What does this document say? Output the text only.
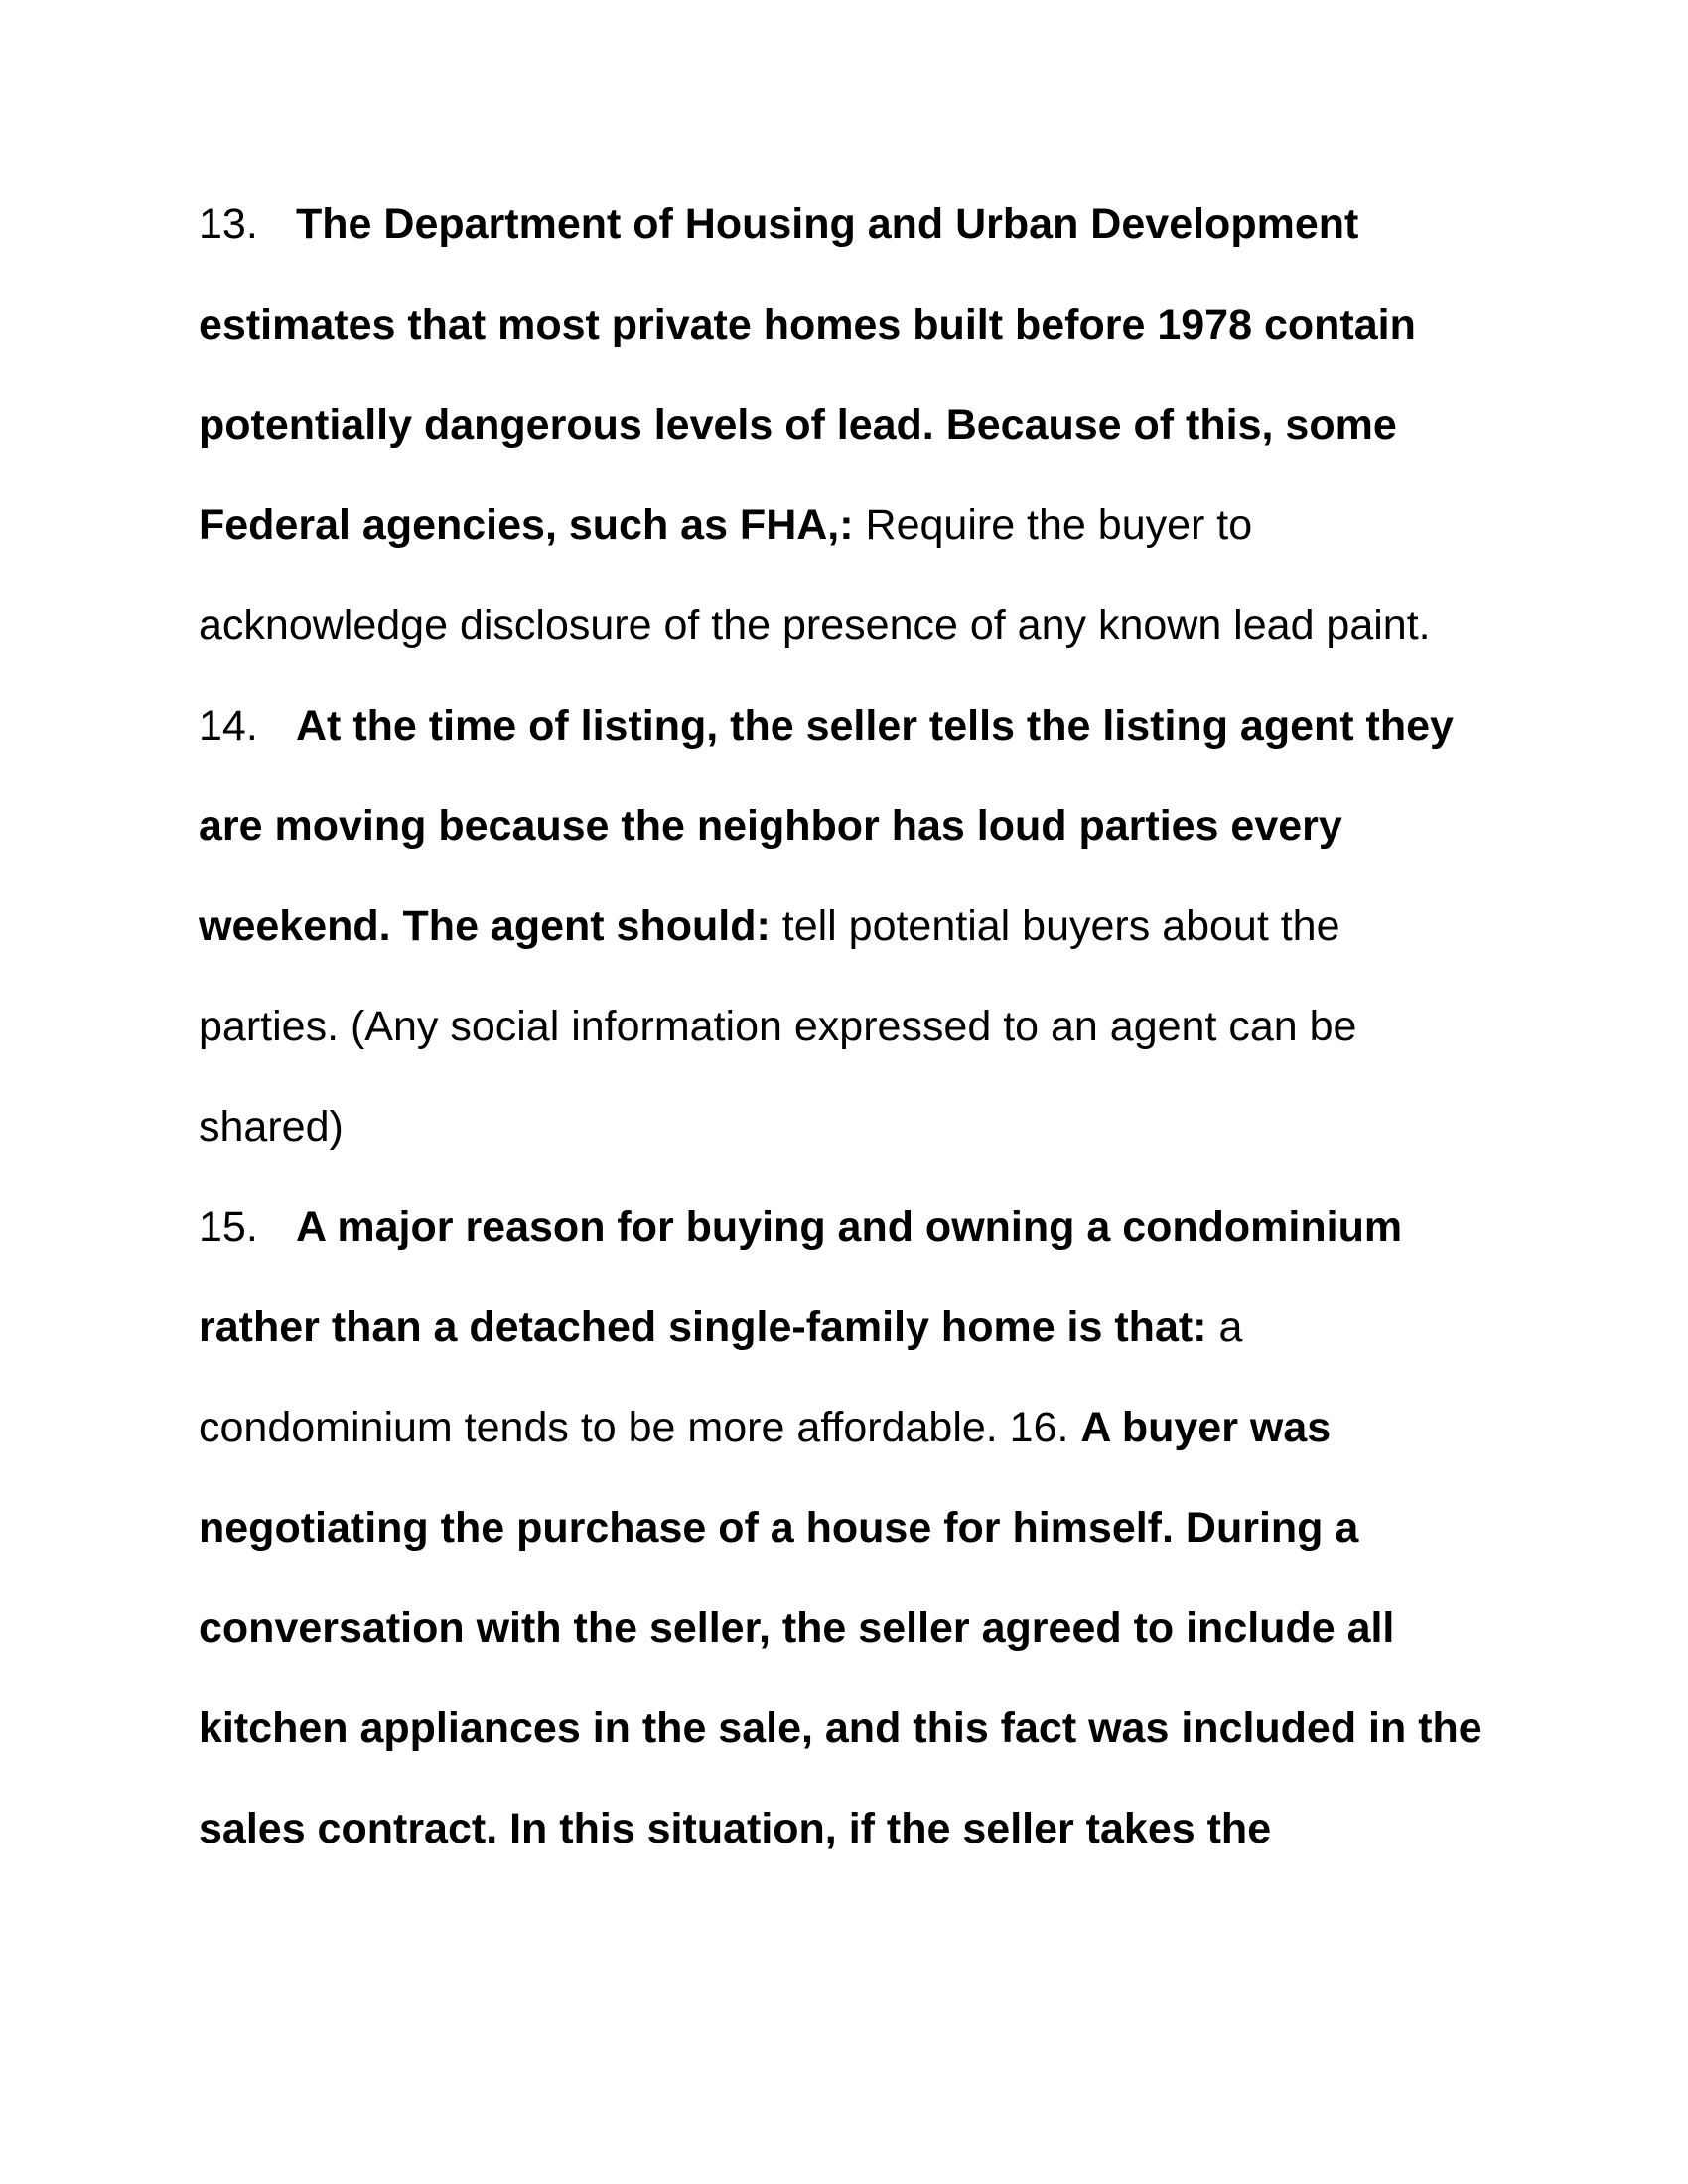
13. The Department of Housing and Urban Development estimates that most private homes built before 1978 contain potentially dangerous levels of lead. Because of this, some Federal agencies, such as FHA,: Require the buyer to acknowledge disclosure of the presence of any known lead paint.

14. At the time of listing, the seller tells the listing agent they are moving because the neighbor has loud parties every weekend. The agent should: tell potential buyers about the parties. (Any social information expressed to an agent can be shared)

15. A major reason for buying and owning a condominium rather than a detached single-family home is that: a condominium tends to be more affordable. 16. A buyer was negotiating the purchase of a house for himself. During a conversation with the seller, the seller agreed to include all kitchen appliances in the sale, and this fact was included in the sales contract. In this situation, if the seller takes the
